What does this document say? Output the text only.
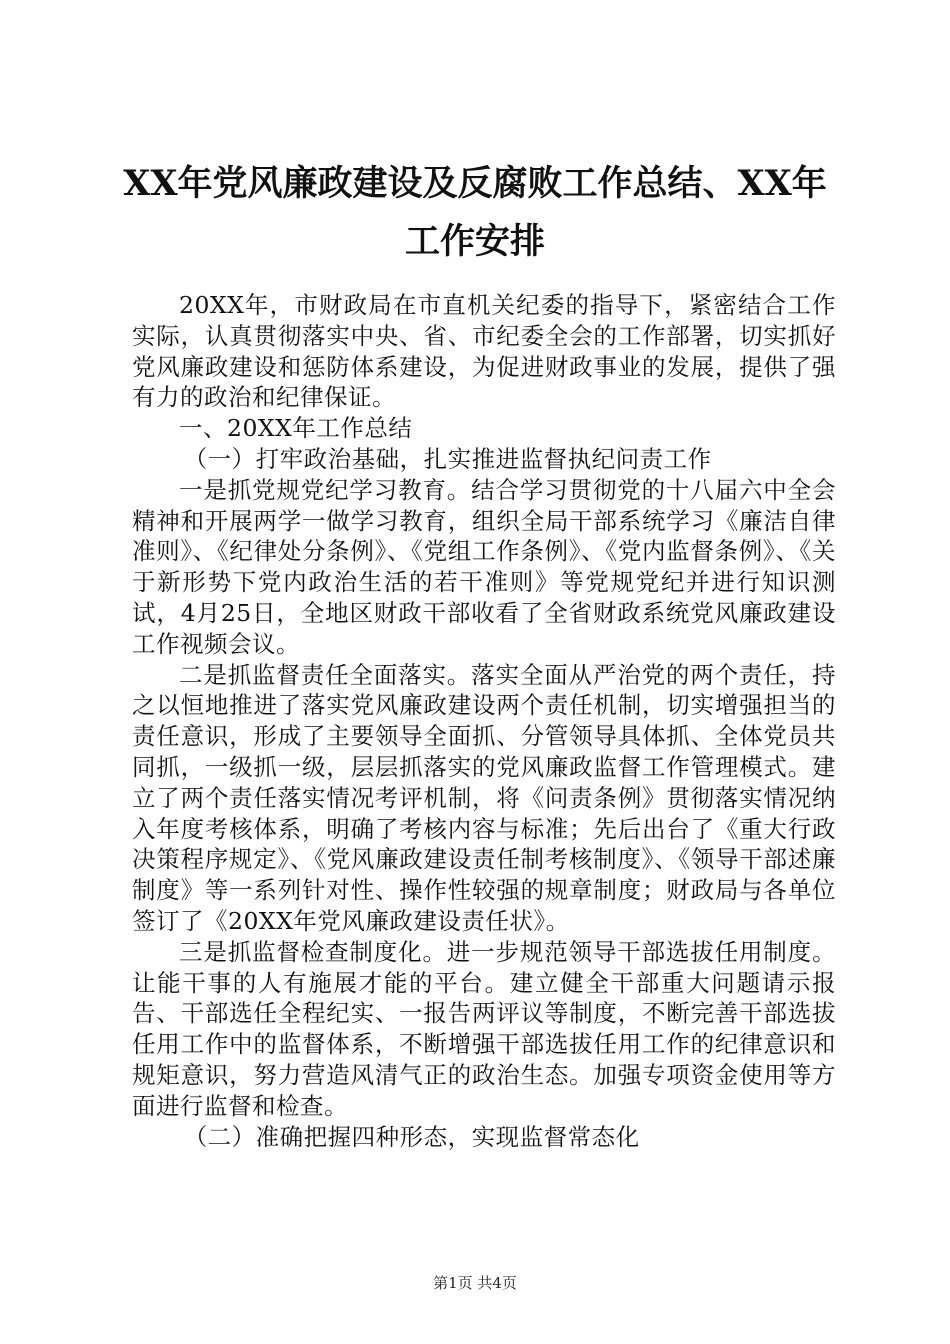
XX年党风廉政建设及反腐败工作总结、XX年工作安排

20XX年，市财政局在市直机关纪委的指导下，紧密结合工作实际，认真贯彻落实中央、省、市纪委全会的工作部署，切实抓好党风廉政建设和惩防体系建设，为促进财政事业的发展，提供了强有力的政治和纪律保证。

一、20XX年工作总结

（一）打牢政治基础，扎实推进监督执纪问责工作

一是抓党规党纪学习教育。结合学习贯彻党的十八届六中全会精神和开展两学一做学习教育，组织全局干部系统学习《廉洁自律准则》、《纪律处分条例》、《党组工作条例》、《党内监督条例》、《关于新形势下党内政治生活的若干准则》等党规党纪并进行知识测试，4月25日，全地区财政干部收看了全省财政系统党风廉政建设工作视频会议。

二是抓监督责任全面落实。落实全面从严治党的两个责任，持之以恒地推进了落实党风廉政建设两个责任机制，切实增强担当的责任意识，形成了主要领导全面抓、分管领导具体抓、全体党员共同抓，一级抓一级，层层抓落实的党风廉政监督工作管理模式。建立了两个责任落实情况考评机制，将《问责条例》贯彻落实情况纳入年度考核体系，明确了考核内容与标准；先后出台了《重大行政决策程序规定》、《党风廉政建设责任制考核制度》、《领导干部述廉制度》等一系列针对性、操作性较强的规章制度；财政局与各单位签订了《20XX年党风廉政建设责任状》。

三是抓监督检查制度化。进一步规范领导干部选拔任用制度。让能干事的人有施展才能的平台。建立健全干部重大问题请示报告、干部选任全程纪实、一报告两评议等制度，不断完善干部选拔任用工作中的监督体系，不断增强干部选拔任用工作的纪律意识和规矩意识，努力营造风清气正的政治生态。加强专项资金使用等方面进行监督和检查。

（二）准确把握四种形态，实现监督常态化

第1页 共4页
